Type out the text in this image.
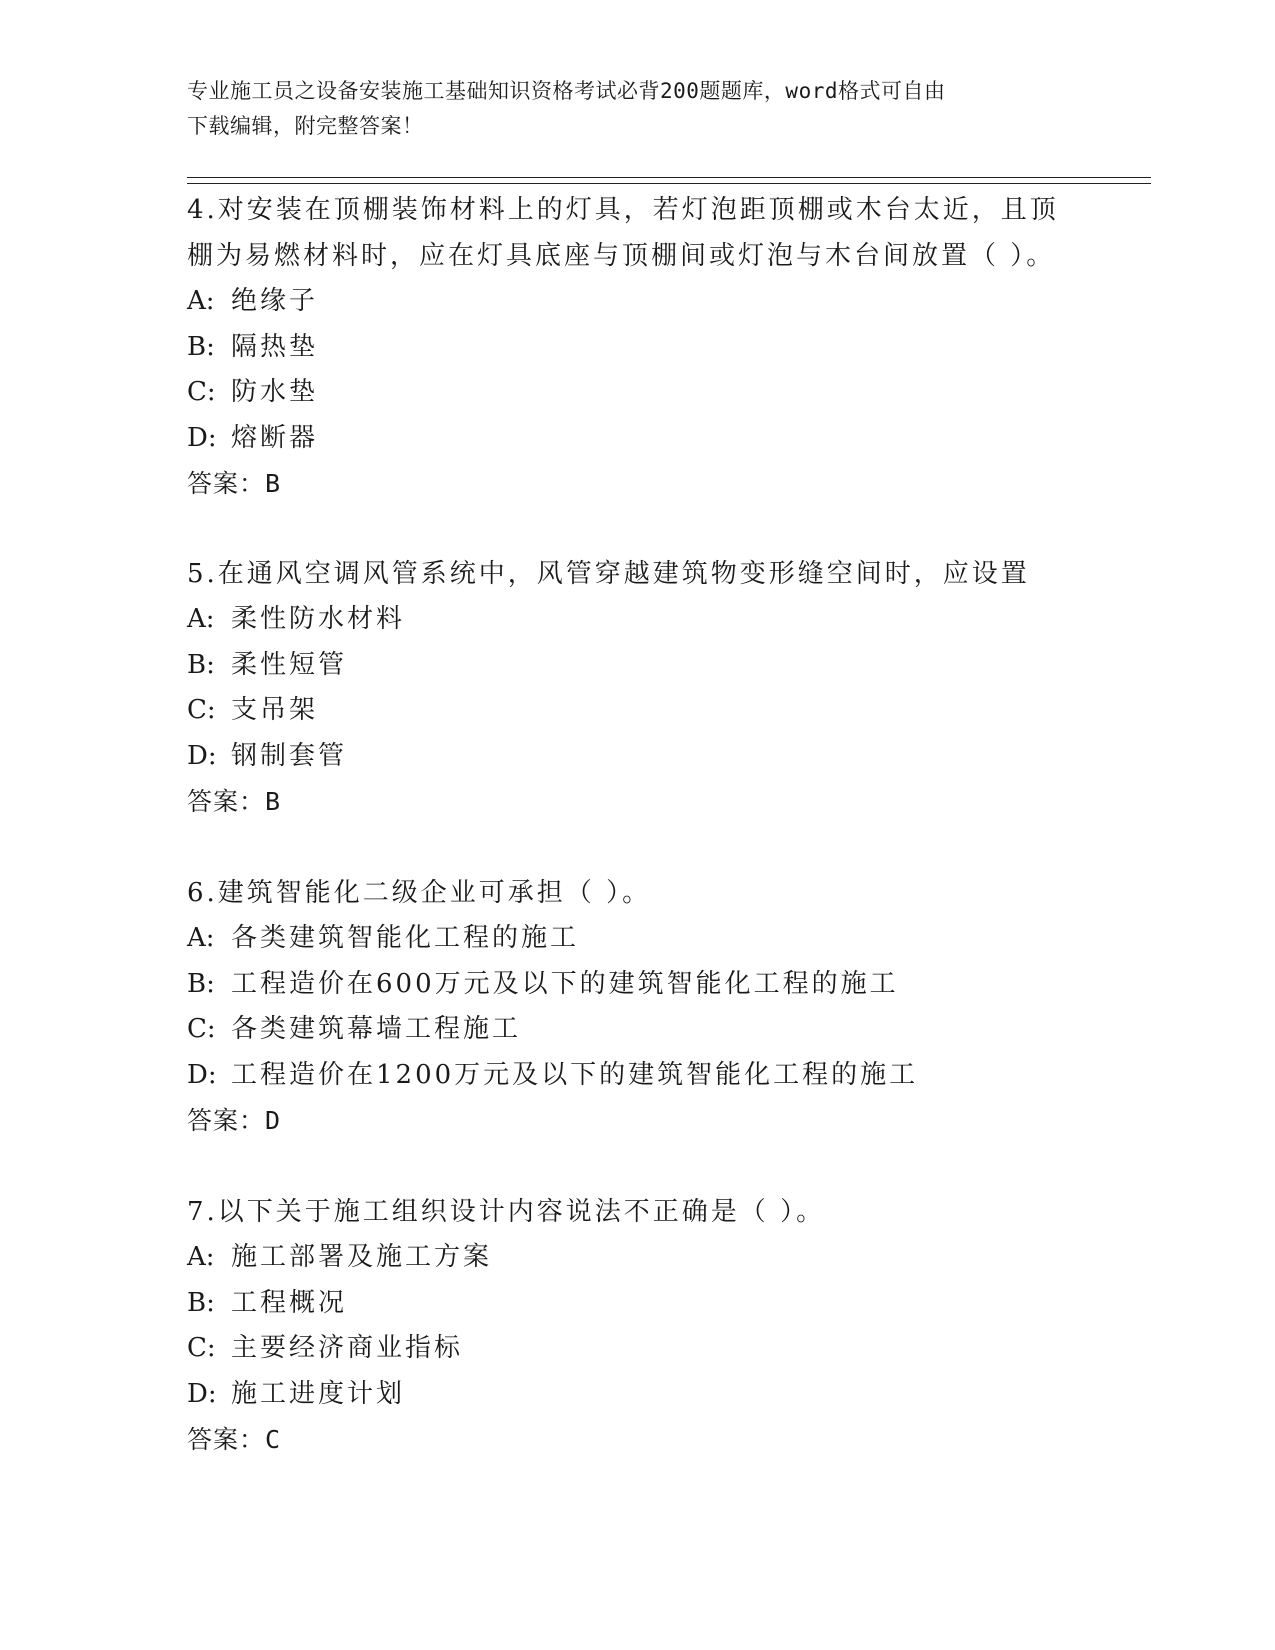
专业施工员之设备安装施工基础知识资格考试必背200题题库，word格式可自由
下载编辑，附完整答案！
4.对安装在顶棚装饰材料上的灯具，若灯泡距顶棚或木台太近，且顶棚为易燃材料时，应在灯具底座与顶棚间或灯泡与木台间放置（ ）。
A: 绝缘子
B: 隔热垫
C: 防水垫
D: 熔断器
答案：B
5.在通风空调风管系统中，风管穿越建筑物变形缝空间时，应设置
A: 柔性防水材料
B: 柔性短管
C: 支吊架
D: 钢制套管
答案：B
6.建筑智能化二级企业可承担（ ）。
A: 各类建筑智能化工程的施工
B: 工程造价在600万元及以下的建筑智能化工程的施工
C: 各类建筑幕墙工程施工
D: 工程造价在1200万元及以下的建筑智能化工程的施工
答案：D
7.以下关于施工组织设计内容说法不正确是（ ）。
A: 施工部署及施工方案
B: 工程概况
C: 主要经济商业指标
D: 施工进度计划
答案：C
